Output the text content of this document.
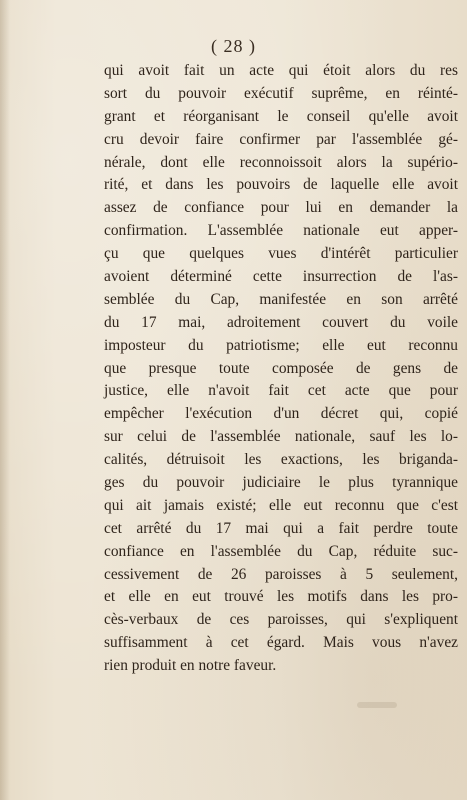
( 28 )
qui avoit fait un acte qui étoit alors du res
sort du pouvoir exécutif suprême, en réinté-
grant et réorganisant le conseil qu'elle avoit
cru devoir faire confirmer par l'assemblée gé-
nérale, dont elle reconnoissoit alors la supério-
rité, et dans les pouvoirs de laquelle elle avoit
assez de confiance pour lui en demander la
confirmation. L'assemblée nationale eut apper-
çu que quelques vues d'intérêt particulier
avoient déterminé cette insurrection de l'as-
semblée du Cap, manifestée en son arrêté
du 17 mai, adroitement couvert du voile
imposteur du patriotisme; elle eut reconnu
que presque toute composée de gens de
justice, elle n'avoit fait cet acte que pour
empêcher l'exécution d'un décret qui, copié
sur celui de l'assemblée nationale, sauf les lo-
calités, détruisoit les exactions, les briganda-
ges du pouvoir judiciaire le plus tyrannique
qui ait jamais existé; elle eut reconnu que c'est
cet arrêté du 17 mai qui a fait perdre toute
confiance en l'assemblée du Cap, réduite suc-
cessivement de 26 paroisses à 5 seulement,
et elle en eut trouvé les motifs dans les pro-
cès-verbaux de ces paroisses, qui s'expliquent
suffisamment à cet égard. Mais vous n'avez
rien produit en notre faveur.
